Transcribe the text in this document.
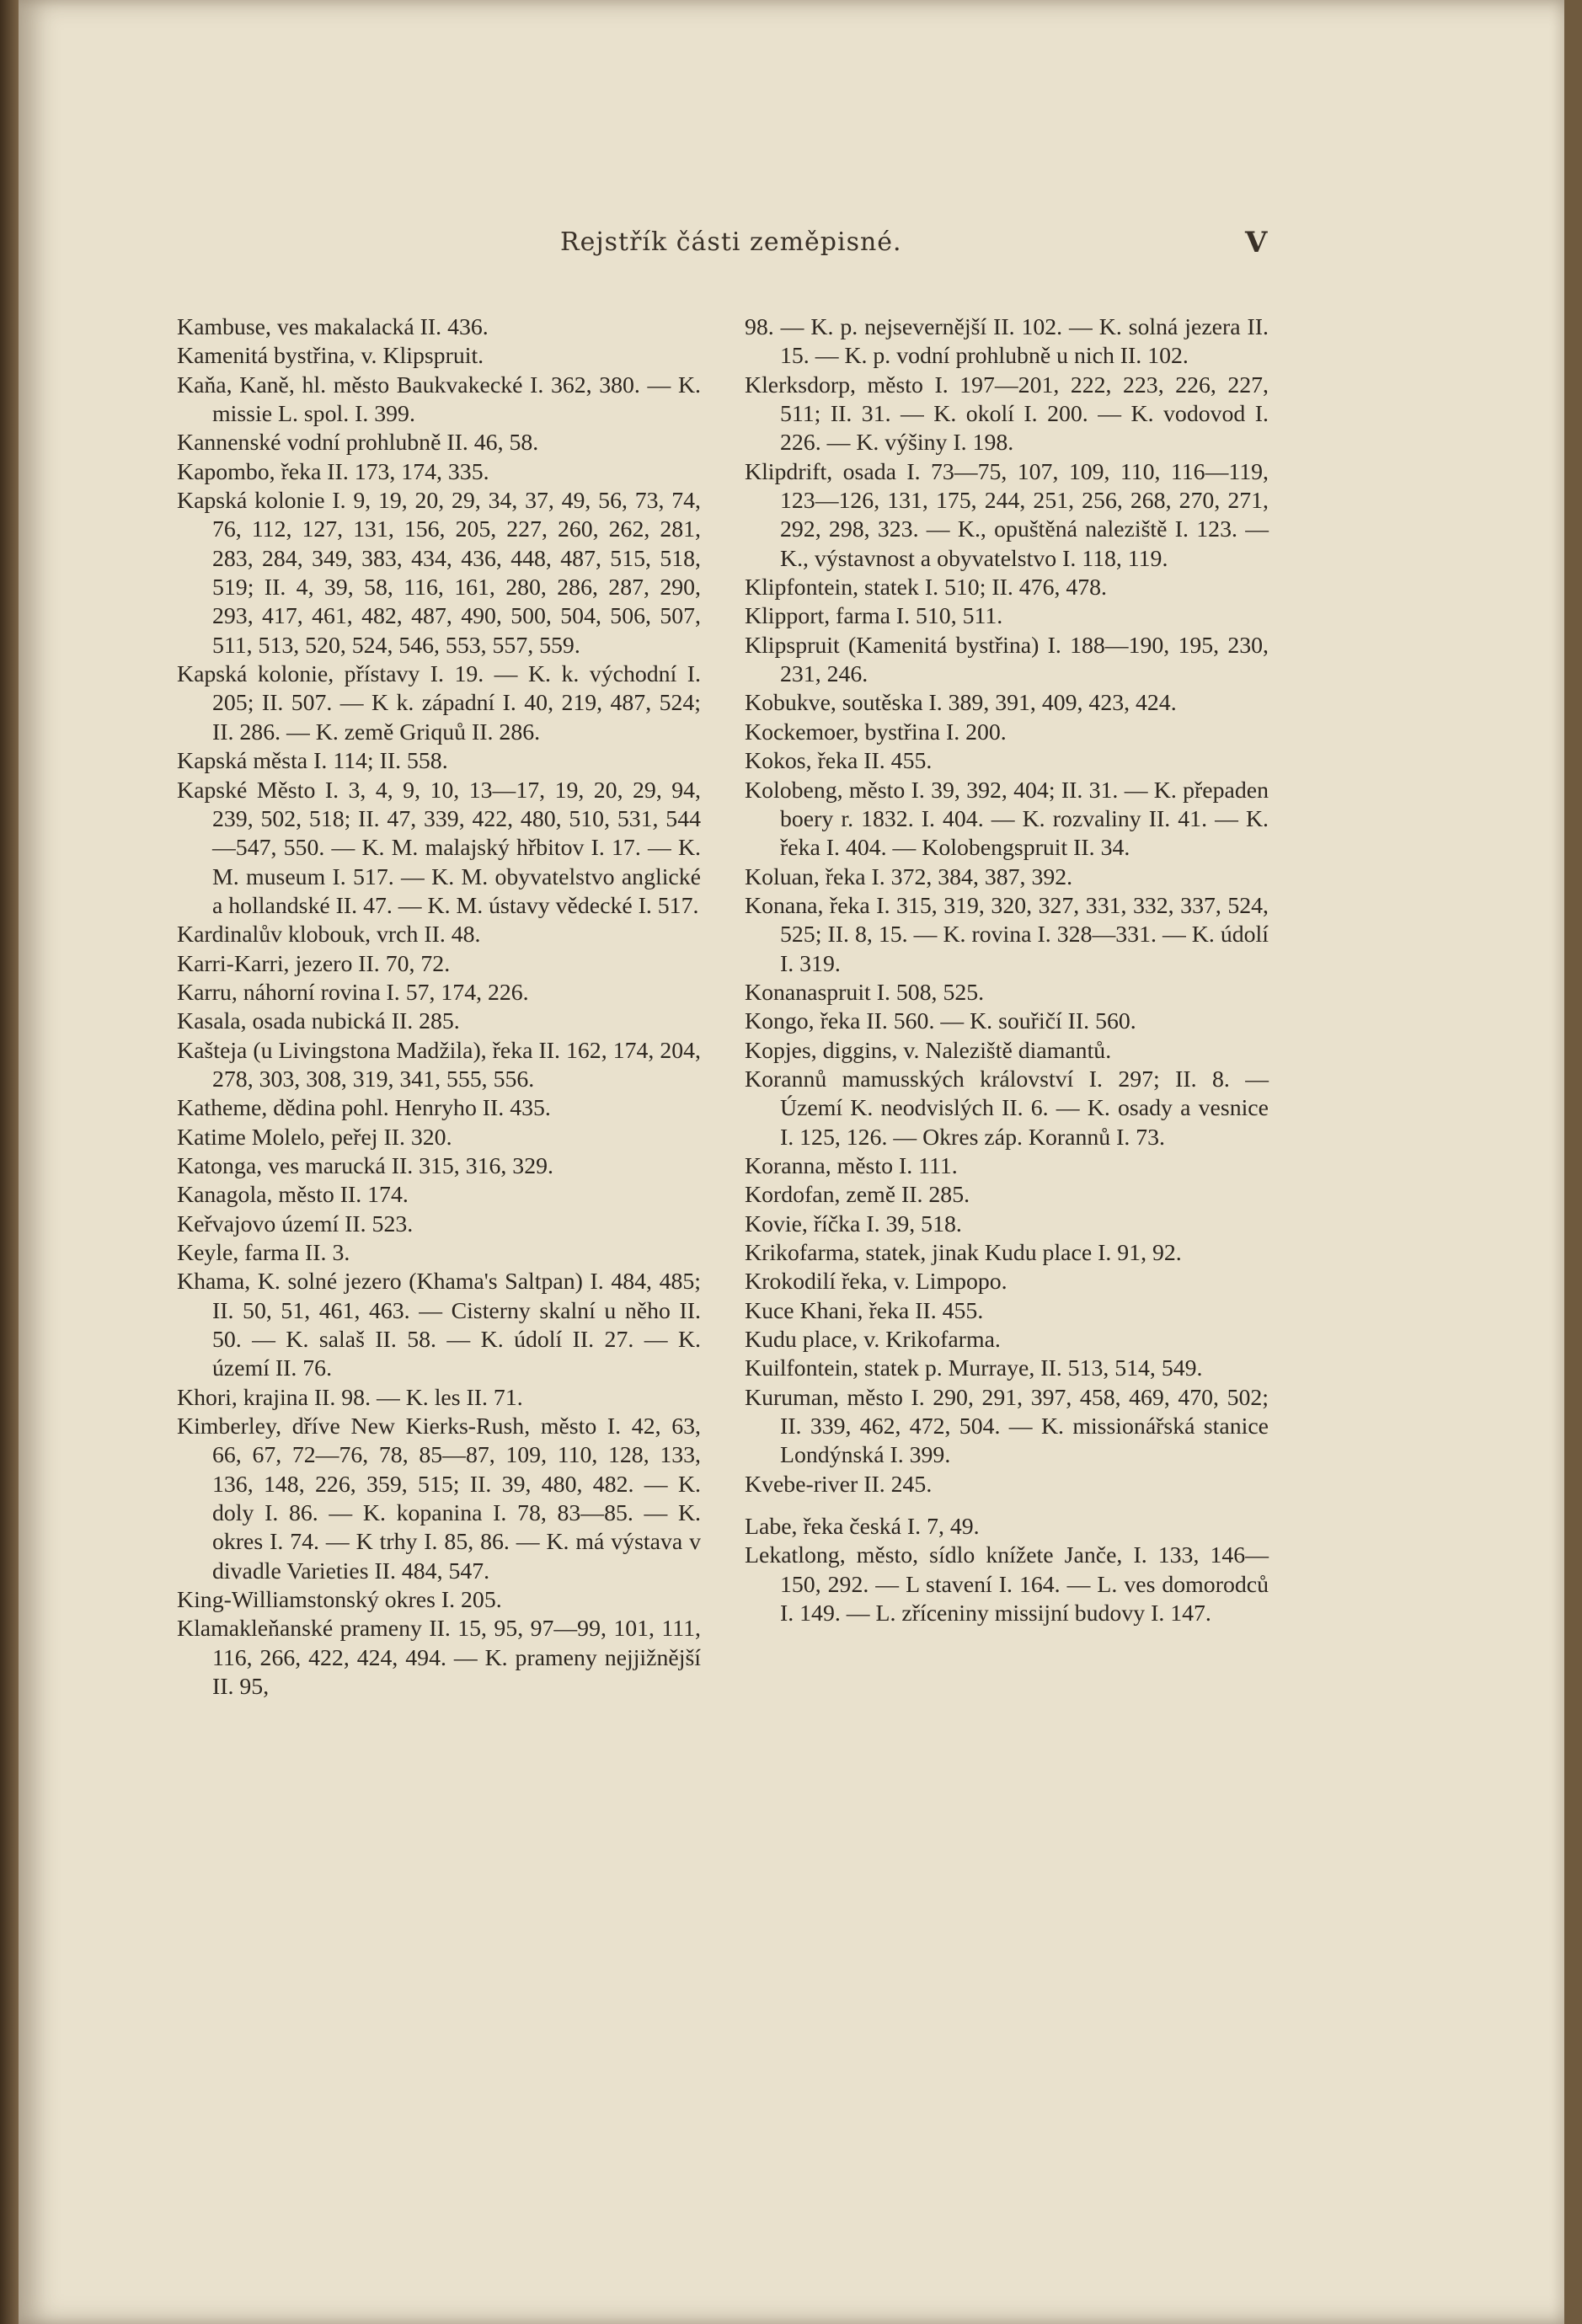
Rejstřík části zeměpisné.	V

Kambuse, ves makalacká II. 436.

Kamenitá bystřina, v. Klipspruit.

Kaňa, Kaně, hl. město Baukvakecké I. 362, 380. — K. missie L. spol. I. 399.

Kannenské vodní prohlubně II. 46, 58.

Kapombo, řeka II. 173, 174, 335.

Kapská kolonie I. 9, 19, 20, 29, 34, 37, 49, 56, 73, 74, 76, 112, 127, 131, 156, 205, 227, 260, 262, 281, 283, 284, 349, 383, 434, 436, 448, 487, 515, 518, 519; II. 4, 39, 58, 116, 161, 280, 286, 287, 290, 293, 417, 461, 482, 487, 490, 500, 504, 506, 507, 511, 513, 520, 524, 546, 553, 557, 559.

Kapská kolonie, přístavy I. 19. — K. k. východní I. 205; II. 507. — K k. západní I. 40, 219, 487, 524; II. 286. — K. země Griquů II. 286.

Kapská města I. 114; II. 558.

Kapské Město I. 3, 4, 9, 10, 13—17, 19, 20, 29, 94, 239, 502, 518; II. 47, 339, 422, 480, 510, 531, 544—547, 550. — K. M. malajský hřbitov I. 17. — K. M. museum I. 517. — K. M. obyvatelstvo anglické a hollandské II. 47. — K. M. ústavy vědecké I. 517.

Kardinalův klobouk, vrch II. 48.

Karri-Karri, jezero II. 70, 72.

Karru, náhorní rovina I. 57, 174, 226.

Kasala, osada nubická II. 285.

Kašteja (u Livingstona Madžila), řeka II. 162, 174, 204, 278, 303, 308, 319, 341, 555, 556.

Katheme, dědina pohl. Henryho II. 435.

Katime Molelo, peřej II. 320.

Katonga, ves marucká II. 315, 316, 329.

Kanagola, město II. 174.

Keřvajovo území II. 523.

Keyle, farma II. 3.

Khama, K. solné jezero (Khama's Saltpan) I. 484, 485; II. 50, 51, 461, 463. — Cisterny skalní u něho II. 50. — K. salaš II. 58. — K. údolí II. 27. — K. území II. 76.

Khori, krajina II. 98. — K. les II. 71.

Kimberley, dříve New Kierks-Rush, město I. 42, 63, 66, 67, 72—76, 78, 85—87, 109, 110, 128, 133, 136, 148, 226, 359, 515; II. 39, 480, 482. — K. doly I. 86. — K. kopanina I. 78, 83—85. — K. okres I. 74. — K trhy I. 85, 86. — K. má výstava v divadle Varieties II. 484, 547.

King-Williamstonský okres I. 205.

Klamakleňanské prameny II. 15, 95, 97—99, 101, 111, 116, 266, 422, 424, 494. — K. prameny nejjižnější II. 95,

98. — K. p. nejsevernější II. 102. — K. solná jezera II. 15. — K. p. vodní prohlubně u nich II. 102.

Klerksdorp, město I. 197—201, 222, 223, 226, 227, 511; II. 31. — K. okolí I. 200. — K. vodovod I. 226. — K. výšiny I. 198.

Klipdrift, osada I. 73—75, 107, 109, 110, 116—119, 123—126, 131, 175, 244, 251, 256, 268, 270, 271, 292, 298, 323. — K., opuštěná naleziště I. 123. — K., výstavnost a obyvatelstvo I. 118, 119.

Klipfontein, statek I. 510; II. 476, 478.

Klipport, farma I. 510, 511.

Klipspruit (Kamenitá bystřina) I. 188—190, 195, 230, 231, 246.

Kobukve, soutěska I. 389, 391, 409, 423, 424.

Kockemoer, bystřina I. 200.

Kokos, řeka II. 455.

Kolobeng, město I. 39, 392, 404; II. 31. — K. přepaden boery r. 1832. I. 404. — K. rozvaliny II. 41. — K. řeka I. 404. — Kolobengspruit II. 34.

Koluan, řeka I. 372, 384, 387, 392.

Konana, řeka I. 315, 319, 320, 327, 331, 332, 337, 524, 525; II. 8, 15. — K. rovina I. 328—331. — K. údolí I. 319.

Konanaspruit I. 508, 525.

Kongo, řeka II. 560. — K. souřičí II. 560.

Kopjes, diggins, v. Naleziště diamantů.

Korannů mamusských království I. 297; II. 8. — Území K. neodvislých II. 6. — K. osady a vesnice I. 125, 126. — Okres záp. Korannů I. 73.

Koranna, město I. 111.

Kordofan, země II. 285.

Kovie, říčka I. 39, 518.

Krikofarma, statek, jinak Kudu place I. 91, 92.

Krokodilí řeka, v. Limpopo.

Kuce Khani, řeka II. 455.

Kudu place, v. Krikofarma.

Kuilfontein, statek p. Murraye, II. 513, 514, 549.

Kuruman, město I. 290, 291, 397, 458, 469, 470, 502; II. 339, 462, 472, 504. — K. missionářská stanice Londýnská I. 399.

Kvebe-river II. 245.

Labe, řeka česká I. 7, 49.

Lekatlong, město, sídlo knížete Janče, I. 133, 146—150, 292. — L stavení I. 164. — L. ves domorodců I. 149. — L. zříceniny missijní budovy I. 147.
